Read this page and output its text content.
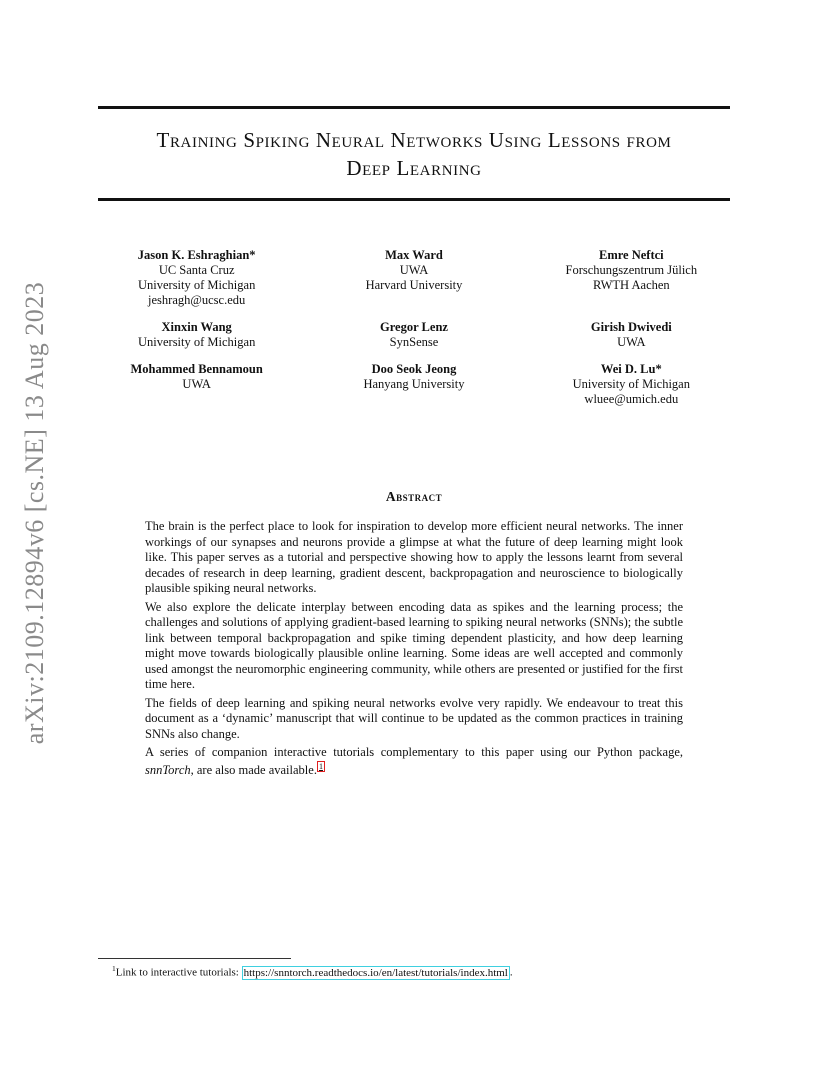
arXiv:2109.12894v6 [cs.NE] 13 Aug 2023
Training Spiking Neural Networks Using Lessons from
Deep Learning
Jason K. Eshraghian*
UC Santa Cruz
University of Michigan
jeshragh@ucsc.edu
Max Ward
UWA
Harvard University
Emre Neftci
Forschungszentrum Jülich
RWTH Aachen
Xinxin Wang
University of Michigan
Gregor Lenz
SynSense
Girish Dwivedi
UWA
Mohammed Bennamoun
UWA
Doo Seok Jeong
Hanyang University
Wei D. Lu*
University of Michigan
wluee@umich.edu
Abstract

The brain is the perfect place to look for inspiration to develop more efficient neural networks. The inner workings of our synapses and neurons provide a glimpse at what the future of deep learning might look like. This paper serves as a tutorial and perspective showing how to apply the lessons learnt from several decades of research in deep learning, gradient descent, backpropagation and neuroscience to biologically plausible spiking neural networks.

We also explore the delicate interplay between encoding data as spikes and the learning process; the challenges and solutions of applying gradient-based learning to spiking neural networks (SNNs); the subtle link between temporal backpropagation and spike timing dependent plasticity, and how deep learning might move towards biologically plausible online learning. Some ideas are well accepted and commonly used amongst the neuromorphic engineering community, while others are presented or justified for the first time here.

The fields of deep learning and spiking neural networks evolve very rapidly. We endeavour to treat this document as a ‘dynamic’ manuscript that will continue to be updated as the common practices in training SNNs also change.

A series of companion interactive tutorials complementary to this paper using our Python package, snnTorch, are also made available. 1

$^1$Link to interactive tutorials: https://snntorch.readthedocs.io/en/latest/tutorials/index.html .
